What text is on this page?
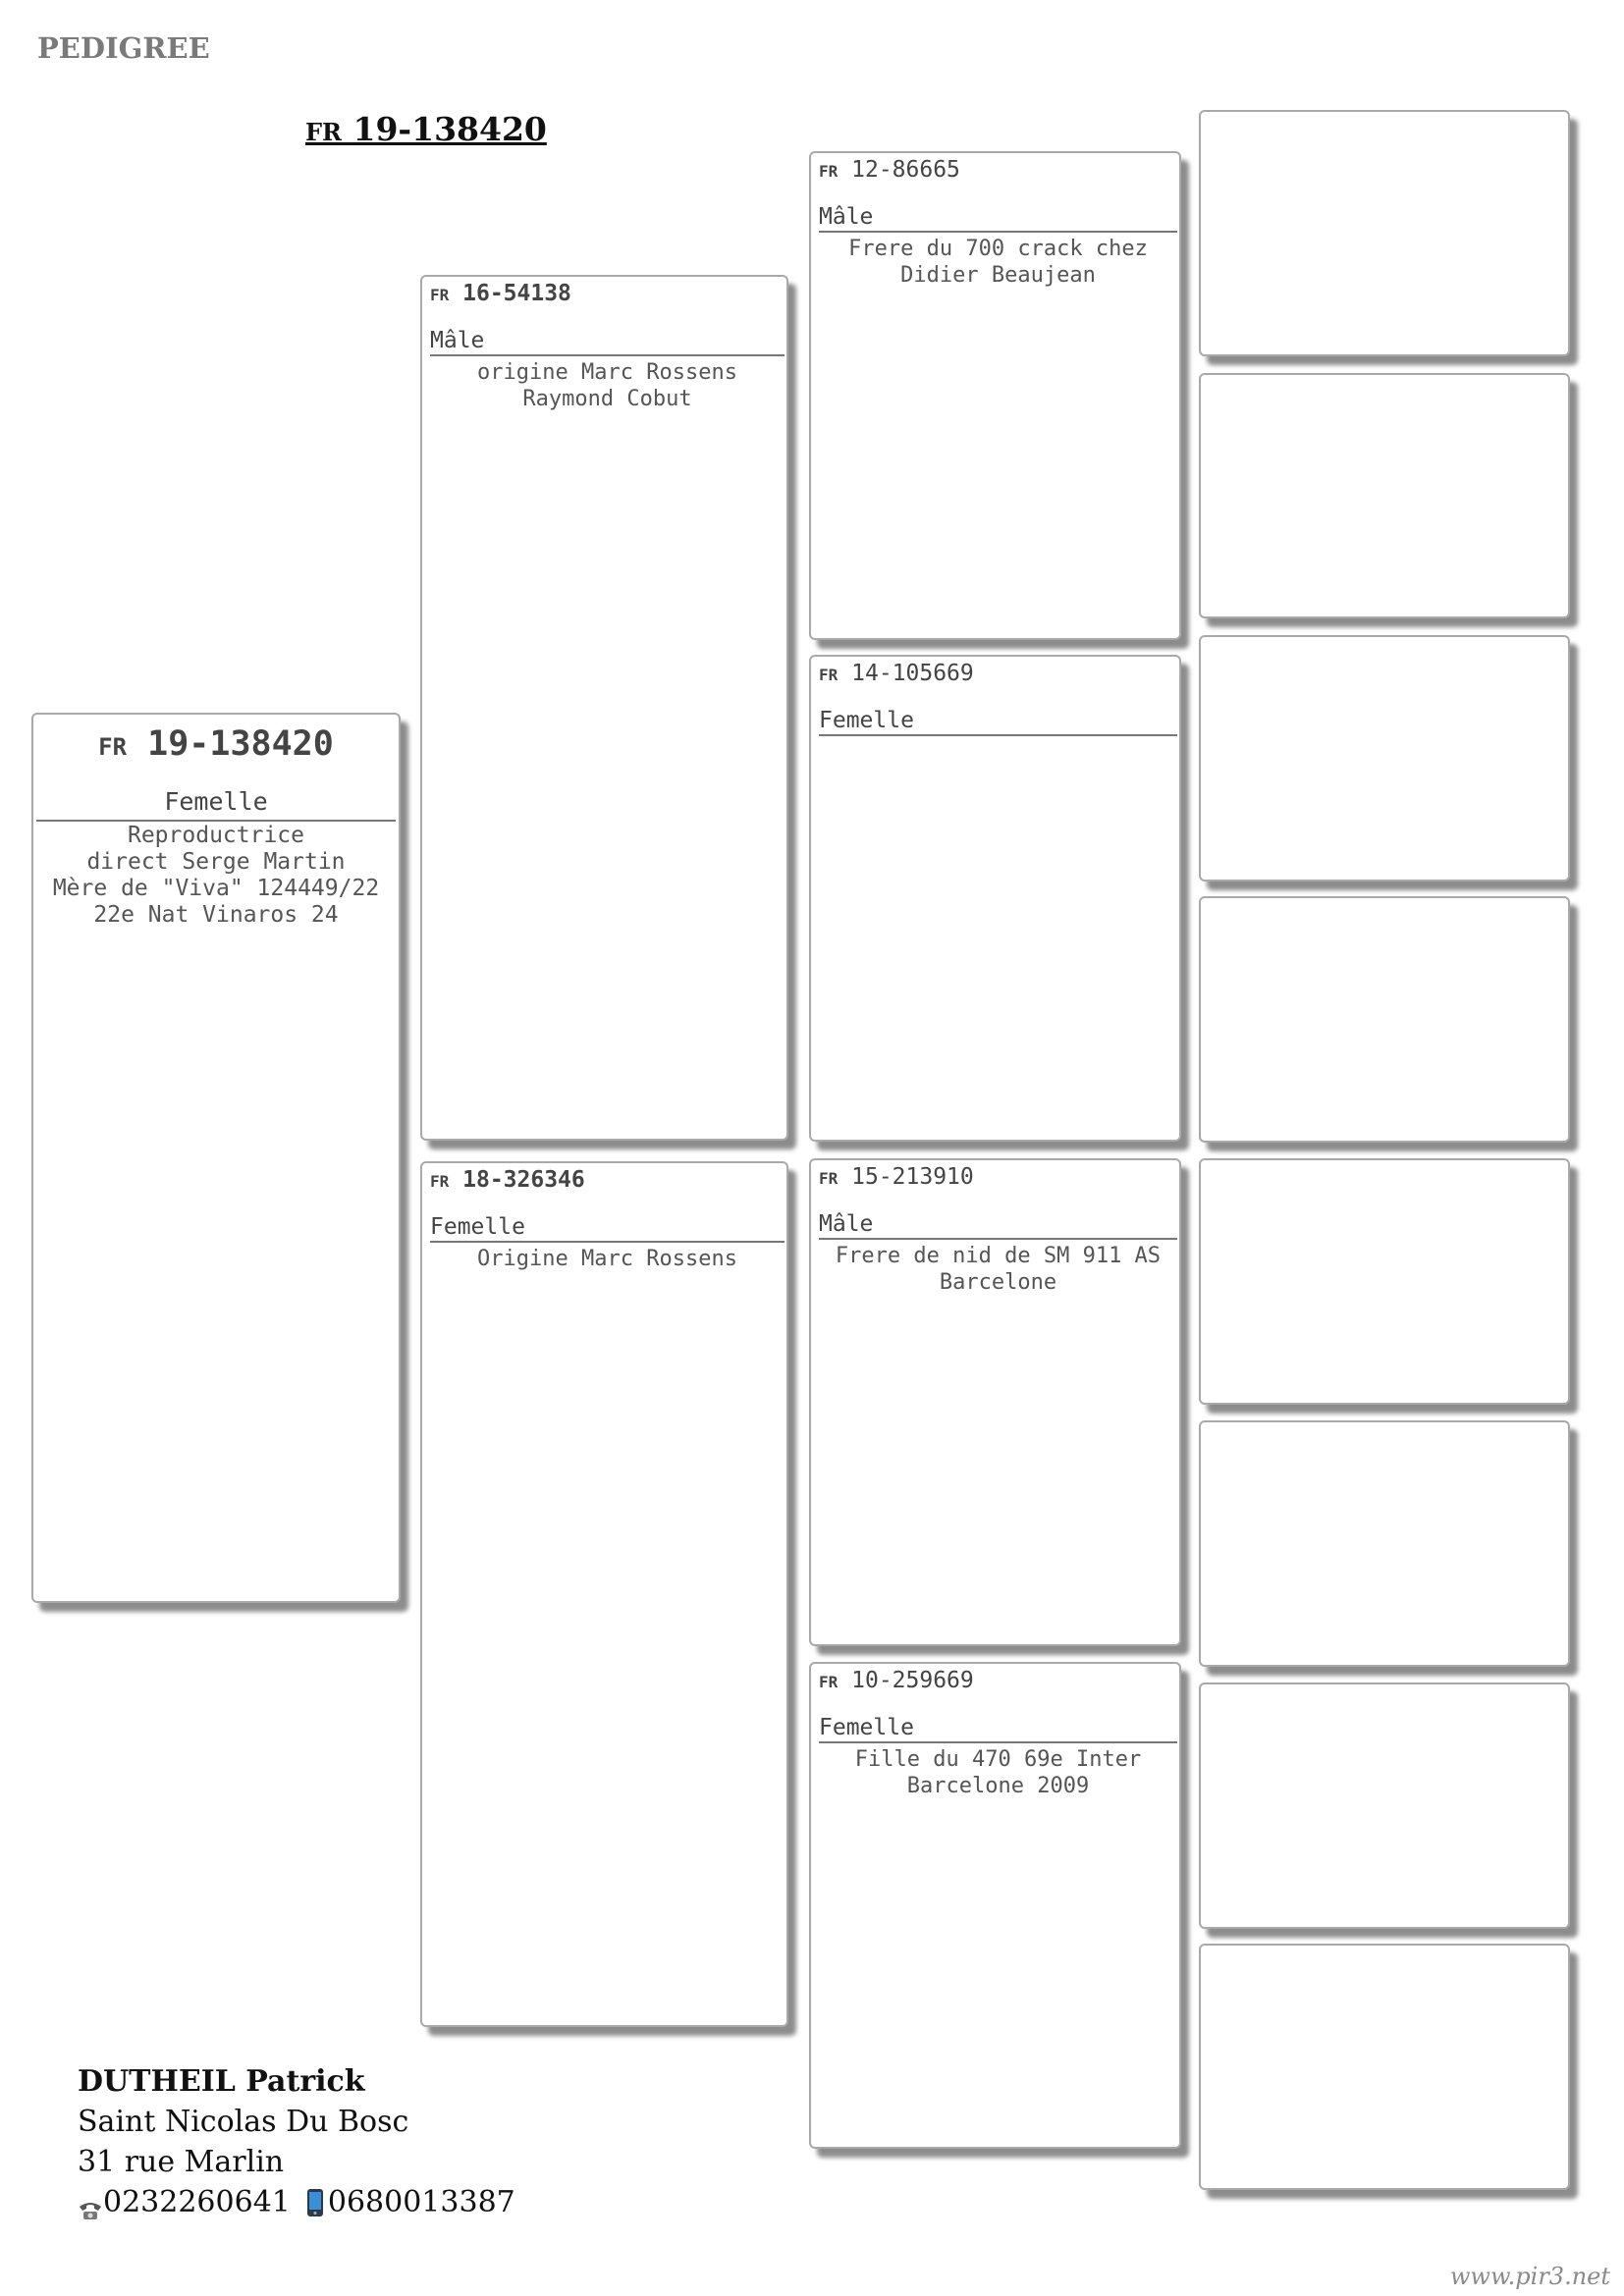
PEDIGREE
FR 19-138420
FR 19-138420
Femelle
Reproductrice
direct Serge Martin
Mère de "Viva" 124449/22
22e Nat Vinaros 24
FR 16-54138
Mâle
origine Marc Rossens
Raymond Cobut
FR 18-326346
Femelle
Origine Marc Rossens
FR 12-86665
Mâle
Frere du 700 crack chez
Didier Beaujean
FR 14-105669
Femelle
FR 15-213910
Mâle
Frere de nid de SM 911 AS
Barcelone
FR 10-259669
Femelle
Fille du 470 69e Inter
Barcelone 2009
DUTHEIL Patrick
Saint Nicolas Du Bosc
31 rue Marlin
0232260641 0680013387
www.pir3.net
